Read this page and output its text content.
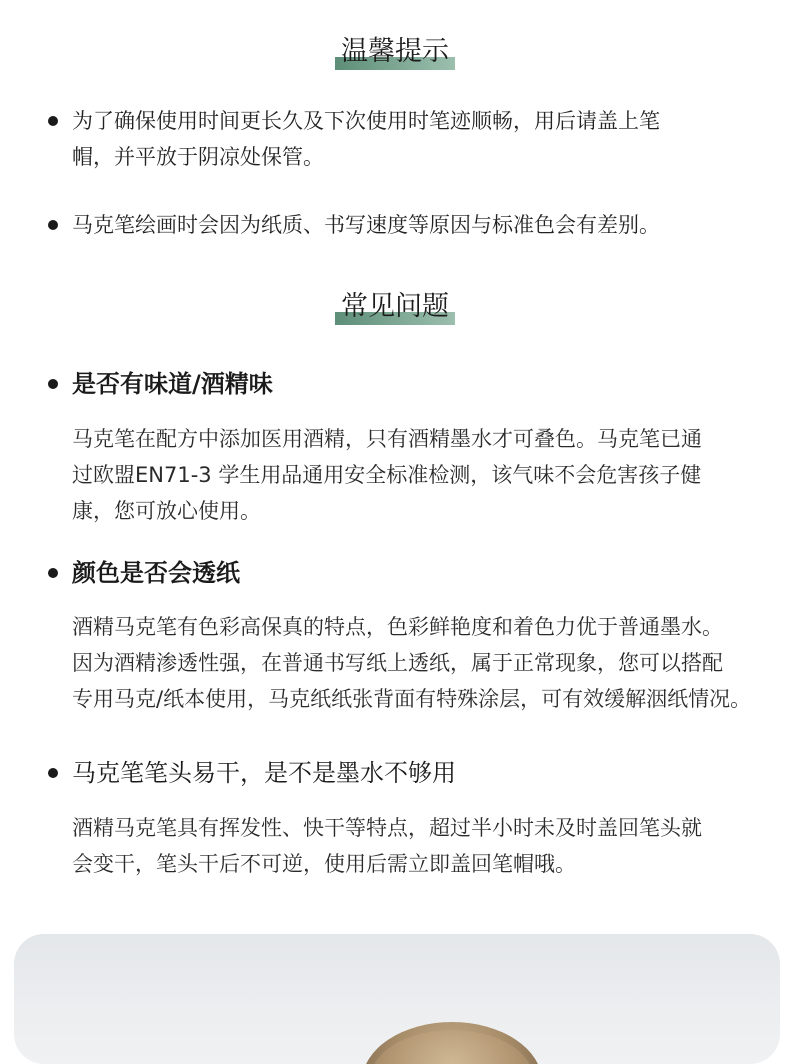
温馨提示
为了确保使用时间更长久及下次使用时笔迹顺畅，用后请盖上笔
帽，并平放于阴凉处保管。
马克笔绘画时会因为纸质、书写速度等原因与标准色会有差别。
常见问题
是否有味道/酒精味
马克笔在配方中添加医用酒精，只有酒精墨水才可叠色。马克笔已通
过欧盟EN71-3 学生用品通用安全标准检测，该气味不会危害孩子健
康，您可放心使用。
颜色是否会透纸
酒精马克笔有色彩高保真的特点，色彩鲜艳度和着色力优于普通墨水。
因为酒精渗透性强，在普通书写纸上透纸，属于正常现象，您可以搭配
专用马克/纸本使用，马克纸纸张背面有特殊涂层，可有效缓解洇纸情况。
马克笔笔头易干，是不是墨水不够用
酒精马克笔具有挥发性、快干等特点，超过半小时未及时盖回笔头就
会变干，笔头干后不可逆，使用后需立即盖回笔帽哦。
